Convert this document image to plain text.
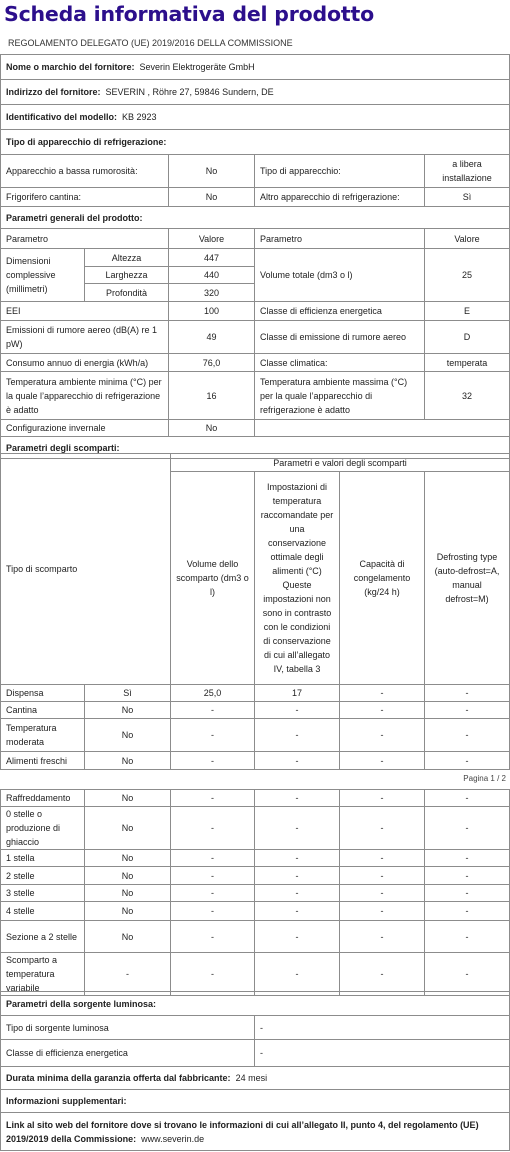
Scheda informativa del prodotto
REGOLAMENTO DELEGATO (UE) 2019/2016 DELLA COMMISSIONE
Nome o marchio del fornitore: Severin Elektrogeräte GmbH				
Indirizzo del fornitore: SEVERIN , Röhre 27, 59846 Sundern, DE				
Identificativo del modello: KB 2923				
Tipo di apparecchio di refrigerazione:				
Apparecchio a bassa rumorosità:		No	Tipo di apparecchio:	a libera installazione
Frigorifero cantina:		No	Altro apparecchio di refrigerazione:	Sì
Parametri generali del prodotto:				
Parametro		Valore	Parametro	Valore
Dimensioni complessive (millimetri)	Altezza	447	Volume totale (dm3 o l)	25
	Larghezza	440		
	Profondità	320		
EEI		100	Classe di efficienza energetica	E
Emissioni di rumore aereo (dB(A) re 1 pW)		49	Classe di emissione di rumore aereo	D
Consumo annuo di energia (kWh/a)		76,0	Classe climatica:	temperata
Temperatura ambiente minima (°C) per la quale l’apparecchio di refrigerazione è adatto		16	Temperatura ambiente massima (°C) per la quale l’apparecchio di refrigerazione è adatto	32
Configurazione invernale		No		
Parametri degli scomparti:				
Tipo di scomparto		Parametri e valori degli scomparti			
		Volume dello scomparto (dm3 o l)	Impostazioni di temperatura raccomandate per una conservazione ottimale degli alimenti (°C) Queste impostazioni non sono in contrasto con le condizioni di conservazione di cui all’allegato IV, tabella 3	Capacità di congelamento (kg/24 h)	Defrosting type (auto-defrost=A, manual defrost=M)
Dispensa	Sì	25,0	17	-	-
Cantina	No	-	-	-	-
Temperatura moderata	No	-	-	-	-
Alimenti freschi	No	-	-	-	-
Pagina 1 / 2
Raffreddamento	No	-	-	-	-
0 stelle o produzione di ghiaccio	No	-	-	-	-
1 stella	No	-	-	-	-
2 stelle	No	-	-	-	-
3 stelle	No	-	-	-	-
4 stelle	No	-	-	-	-
Sezione a 2 stelle	No	-	-	-	-
Scomparto a temperatura variabile	-	-	-	-	-
Parametri della sorgente luminosa:	
Tipo di sorgente luminosa	-
Classe di efficienza energetica	-
Durata minima della garanzia offerta dal fabbricante: 24 mesi	
Informazioni supplementari:	
Link al sito web del fornitore dove si trovano le informazioni di cui all’allegato II, punto 4, del regolamento (UE) 2019/2019 della Commissione: www.severin.de	
